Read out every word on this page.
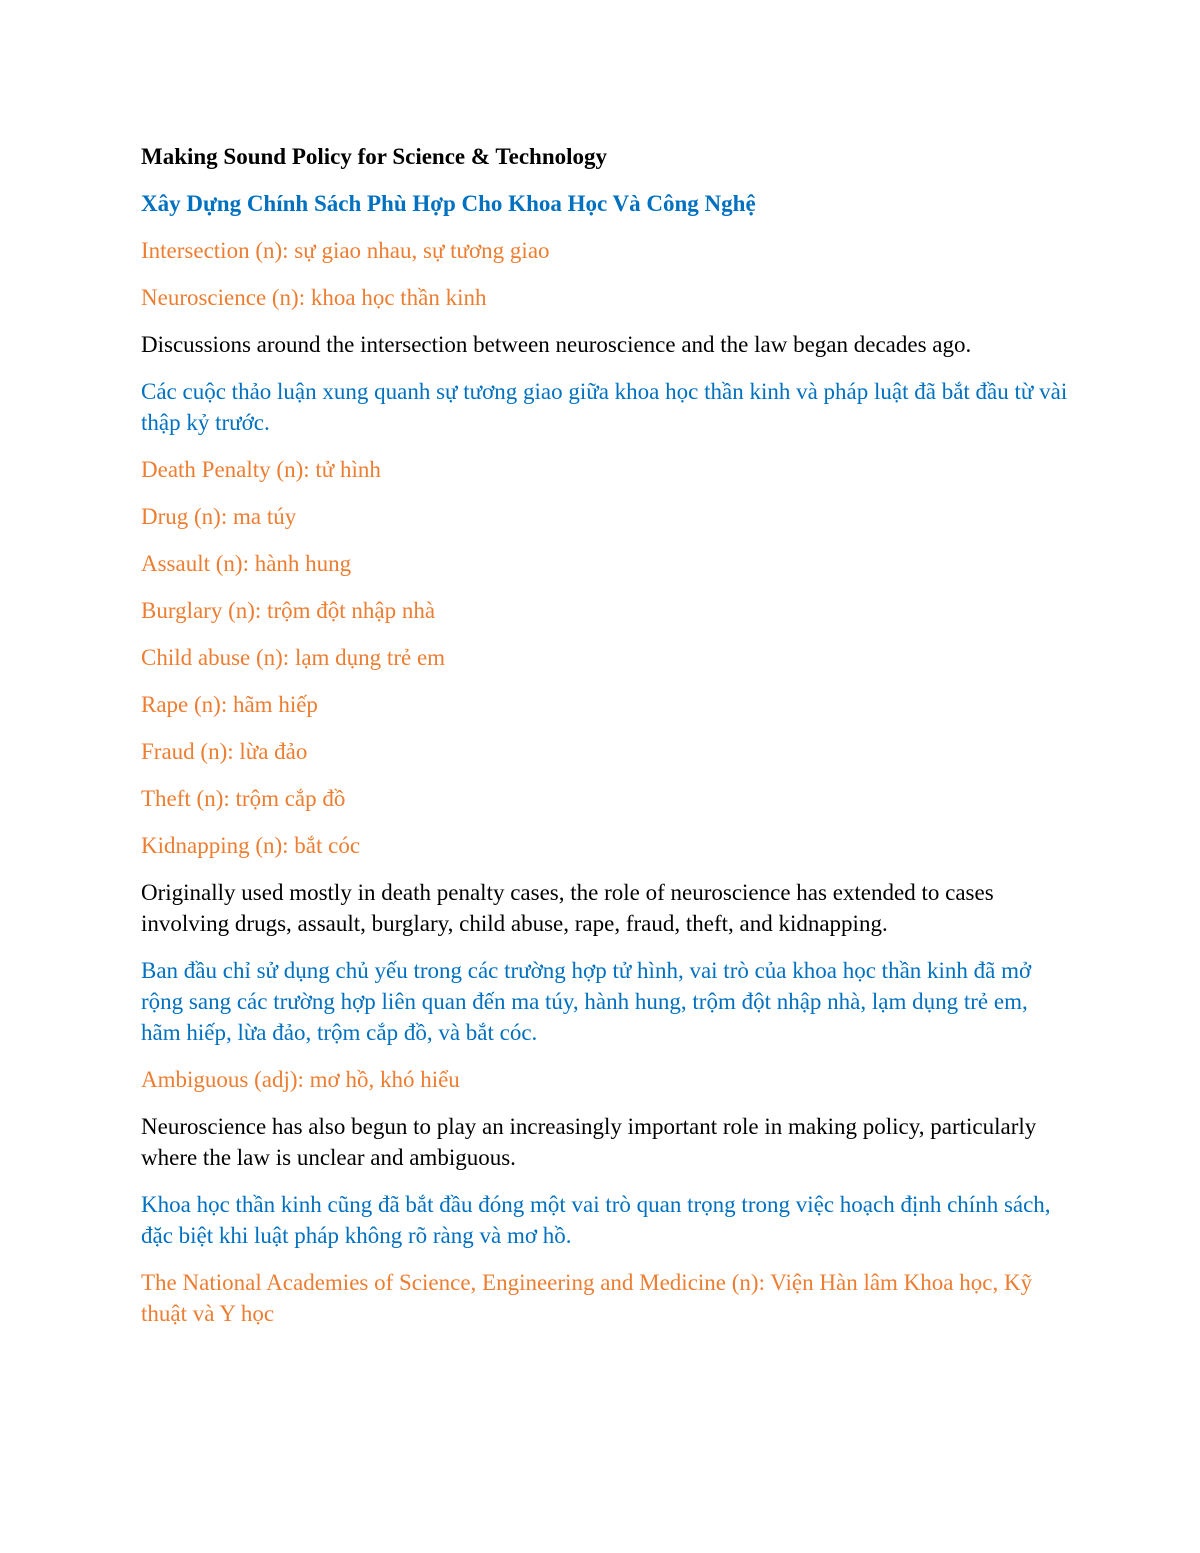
Making Sound Policy for Science & Technology

Xây Dựng Chính Sách Phù Hợp Cho Khoa Học Và Công Nghệ

Intersection (n): sự giao nhau, sự tương giao

Neuroscience (n): khoa học thần kinh

Discussions around the intersection between neuroscience and the law began decades ago.

Các cuộc thảo luận xung quanh sự tương giao giữa khoa học thần kinh và pháp luật đã bắt đầu từ vài thập kỷ trước.

Death Penalty (n): tử hình

Drug (n): ma túy

Assault (n): hành hung

Burglary (n): trộm đột nhập nhà

Child abuse (n): lạm dụng trẻ em

Rape (n): hãm hiếp

Fraud (n): lừa đảo

Theft (n): trộm cắp đồ

Kidnapping (n): bắt cóc

Originally used mostly in death penalty cases, the role of neuroscience has extended to cases involving drugs, assault, burglary, child abuse, rape, fraud, theft, and kidnapping.

Ban đầu chỉ sử dụng chủ yếu trong các trường hợp tử hình, vai trò của khoa học thần kinh đã mở rộng sang các trường hợp liên quan đến ma túy, hành hung, trộm đột nhập nhà, lạm dụng trẻ em, hãm hiếp, lừa đảo, trộm cắp đồ, và bắt cóc.

Ambiguous (adj): mơ hồ, khó hiểu

Neuroscience has also begun to play an increasingly important role in making policy, particularly where the law is unclear and ambiguous.

Khoa học thần kinh cũng đã bắt đầu đóng một vai trò quan trọng trong việc hoạch định chính sách, đặc biệt khi luật pháp không rõ ràng và mơ hồ.

The National Academies of Science, Engineering and Medicine (n): Viện Hàn lâm Khoa học, Kỹ thuật và Y học
